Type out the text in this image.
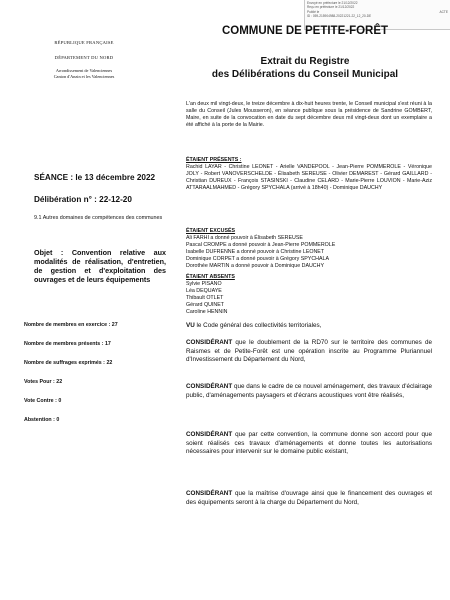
Envoyé en préfecture le 21/12/2022
Reçu en préfecture le 21/12/2022
Publié le	ACTE
ID : 059-215904988-20221221-22_12_20-DE
RÉPUBLIQUE FRANÇAISE
DÉPARTEMENT DU NORD
Arrondissement de Valenciennes
Canton d'Anzin et les Valenciennes
COMMUNE DE PETITE-FORÊT
Extrait du Registre
des Délibérations du Conseil Municipal
L'an deux mil vingt-deux, le treize décembre à dix-huit heures trente, le Conseil municipal s'est réuni à la salle du Conseil (Jules Mousseron), en séance publique sous la présidence de Sandrine GOMBERT, Maire, en suite de la convocation en date du sept décembre deux mil vingt-deux dont un exemplaire a été affiché à la porte de la Mairie.
SÉANCE : le 13 décembre 2022
Délibération n° : 22-12-20
9.1 Autres domaines de compétences des communes
Objet : Convention relative aux modalités de réalisation, d'entretien, de gestion et d'exploitation des ouvrages et de leurs équipements
ÉTAIENT PRÉSENTS :
Rachid LAYAR - Christine LEONET - Arielle VANDEPOOL - Jean-Pierre POMMEROLE - Véronique JOLY - Robert VANOVERSCHELDE - Élisabeth SEREUSE - Olivier DEMAREST - Gérard GAILLARD - Christian DUREUX - François STASINSKI - Claudine CELARD - Marie-Pierre LOUVION - Marie-Aziz ATTARAALMAHMED - Grégory SPYCHALA (arrivé à 18h40) - Dominique DAUCHY
ÉTAIENT EXCUSÉS
Ali FARHI a donné pouvoir à Élisabeth SEREUSE
Pascal CROMPE a donné pouvoir à Jean-Pierre POMMEROLE
Isabelle DUFRENNE a donné pouvoir à Christine LEONET
Dominique CORPET a donné pouvoir à Grégory SPYCHALA
Dorothée MARTIN a donné pouvoir à Dominique DAUCHY
ÉTAIENT ABSENTS
Sylvie PISANO
Léa DEQUAYE
Thibault OTLET
Gérard QUINET
Caroline HENNIN
Nombre de membres en exercice : 27
Nombre de membres présents : 17
Nombre de suffrages exprimés : 22
Votes Pour : 22
Vote Contre : 0
Abstention : 0
VU le Code général des collectivités territoriales,
CONSIDÉRANT que le doublement de la RD70 sur le territoire des communes de Raismes et de Petite-Forêt est une opération inscrite au Programme Pluriannuel d'Investissement du Département du Nord,
CONSIDÉRANT que dans le cadre de ce nouvel aménagement, des travaux d'éclairage public, d'aménagements paysagers et d'écrans acoustiques vont être réalisés,
CONSIDÉRANT que par cette convention, la commune donne son accord pour que soient réalisés ces travaux d'aménagements et donne toutes les autorisations nécessaires pour intervenir sur le domaine public existant,
CONSIDÉRANT que la maîtrise d'ouvrage ainsi que le financement des ouvrages et des équipements seront à la charge du Département du Nord,
